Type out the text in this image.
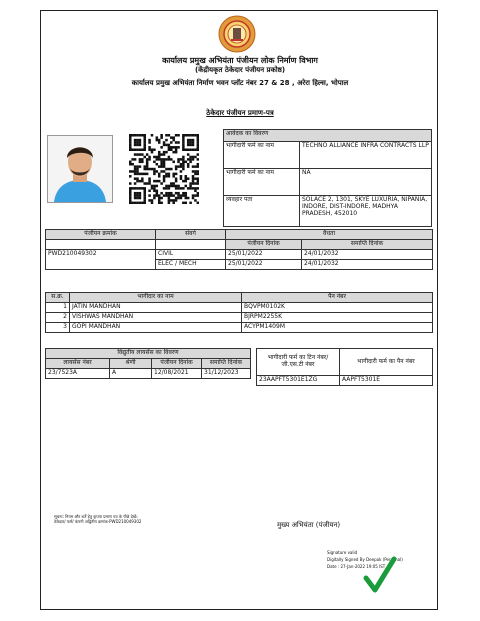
कार्यालय प्रमुख अभियंता पंजीयन लोक निर्माण विभाग
(केंद्रीयकृत ठेकेदार पंजीयन प्रकोष्ठ)
कार्यालय प्रमुख अभियंता निर्माण भवन प्लॉट नंबर 27 & 28 , अरेरा हिल्स, भोपाल
ठेकेदार पंजीयन प्रमाण-पत्र
आवेदक का विवरण	
भागीदारी फर्म का नाम	TECHNO ALLIANCE INFRA CONTRACTS LLP
भागीदारी फर्म का नाम	NA
व्यवहार पता	SOLACE 2, 1301, SKYE LUXURIA, NIPANIA, INDORE, DIST-INDORE, MADHYA PRADESH, 452010
पंजीयन क्रमांक	संवर्ग	वैधता	
		पंजीयन दिनांक	समाप्ति दिनांक
PWD210049302	CIVIL	25/01/2022	24/01/2032
	ELEC / MECH	25/01/2022	24/01/2032
स.क्र.	भागीदार का नाम	पैन नंबर
1	JATIN MANDHAN	BQVPM0102K
2	VISHWAS MANDHAN	BJRPM2255K
3	GOPI MANDHAN	ACYPM1409M
विद्युतीय लायसेंस का विवरण			
लायसेंस नंबर	श्रेणी	पंजीयन दिनांक	समाप्ति दिनांक
23/7523A	A	12/08/2021	31/12/2023
भागीदारी फर्म का टिन नंबर/जी.एस.टी नंबर	भागीदारी फर्म का पैन नंबर
23AAPFT5301E1ZG	AAPFT5301E
सूचना: नियम और शर्तें हेतु कृपया प्रमाण पत्र के पीछे देखें।
ठेकेदार/ फर्म/ कंपनी अद्वितीय क्रमांक-PWD210049302	मुख्य अभियंता (पंजीयन)
Signature valid
Digitally Signed By Deepak (Personal)
Date : 27-Jan-2022 19:05 IST
